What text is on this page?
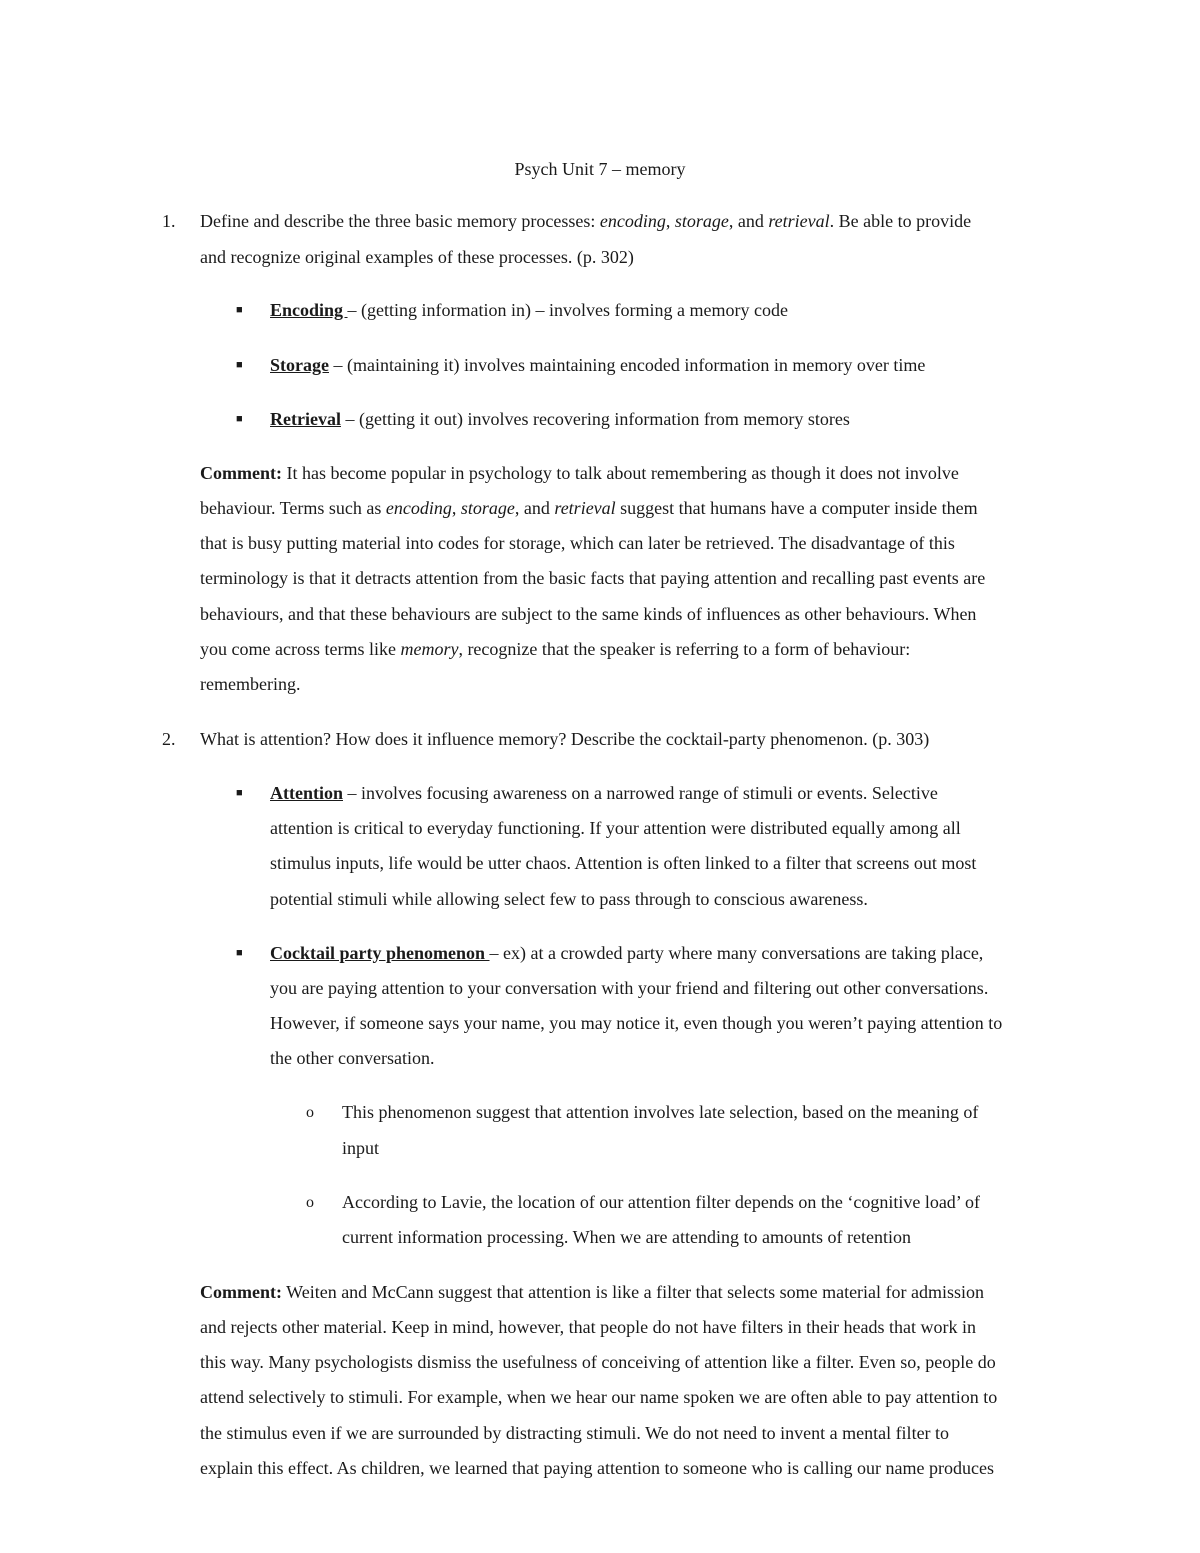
Psych Unit 7 – memory
1.	Define and describe the three basic memory processes: encoding, storage, and retrieval. Be able to provide
and recognize original examples of these processes. (p. 302)
■ Encoding – (getting information in) – involves forming a memory code
■ Storage – (maintaining it) involves maintaining encoded information in memory over time
■ Retrieval – (getting it out) involves recovering information from memory stores
Comment: It has become popular in psychology to talk about remembering as though it does not involve
behaviour. Terms such as encoding, storage, and retrieval suggest that humans have a computer inside them
that is busy putting material into codes for storage, which can later be retrieved. The disadvantage of this
terminology is that it detracts attention from the basic facts that paying attention and recalling past events are
behaviours, and that these behaviours are subject to the same kinds of influences as other behaviours. When
you come across terms like memory, recognize that the speaker is referring to a form of behaviour:
remembering.
2.	What is attention? How does it influence memory? Describe the cocktail-party phenomenon. (p. 303)
■ Attention – involves focusing awareness on a narrowed range of stimuli or events. Selective
attention is critical to everyday functioning. If your attention were distributed equally among all
stimulus inputs, life would be utter chaos. Attention is often linked to a filter that screens out most
potential stimuli while allowing select few to pass through to conscious awareness.
■ Cocktail party phenomenon – ex) at a crowded party where many conversations are taking place,
you are paying attention to your conversation with your friend and filtering out other conversations.
However, if someone says your name, you may notice it, even though you weren’t paying attention to
the other conversation.
o This phenomenon suggest that attention involves late selection, based on the meaning of
input
o According to Lavie, the location of our attention filter depends on the ‘cognitive load’ of
current information processing. When we are attending to amounts of retention
Comment: Weiten and McCann suggest that attention is like a filter that selects some material for admission
and rejects other material. Keep in mind, however, that people do not have filters in their heads that work in
this way. Many psychologists dismiss the usefulness of conceiving of attention like a filter. Even so, people do
attend selectively to stimuli. For example, when we hear our name spoken we are often able to pay attention to
the stimulus even if we are surrounded by distracting stimuli. We do not need to invent a mental filter to
explain this effect. As children, we learned that paying attention to someone who is calling our name produces
